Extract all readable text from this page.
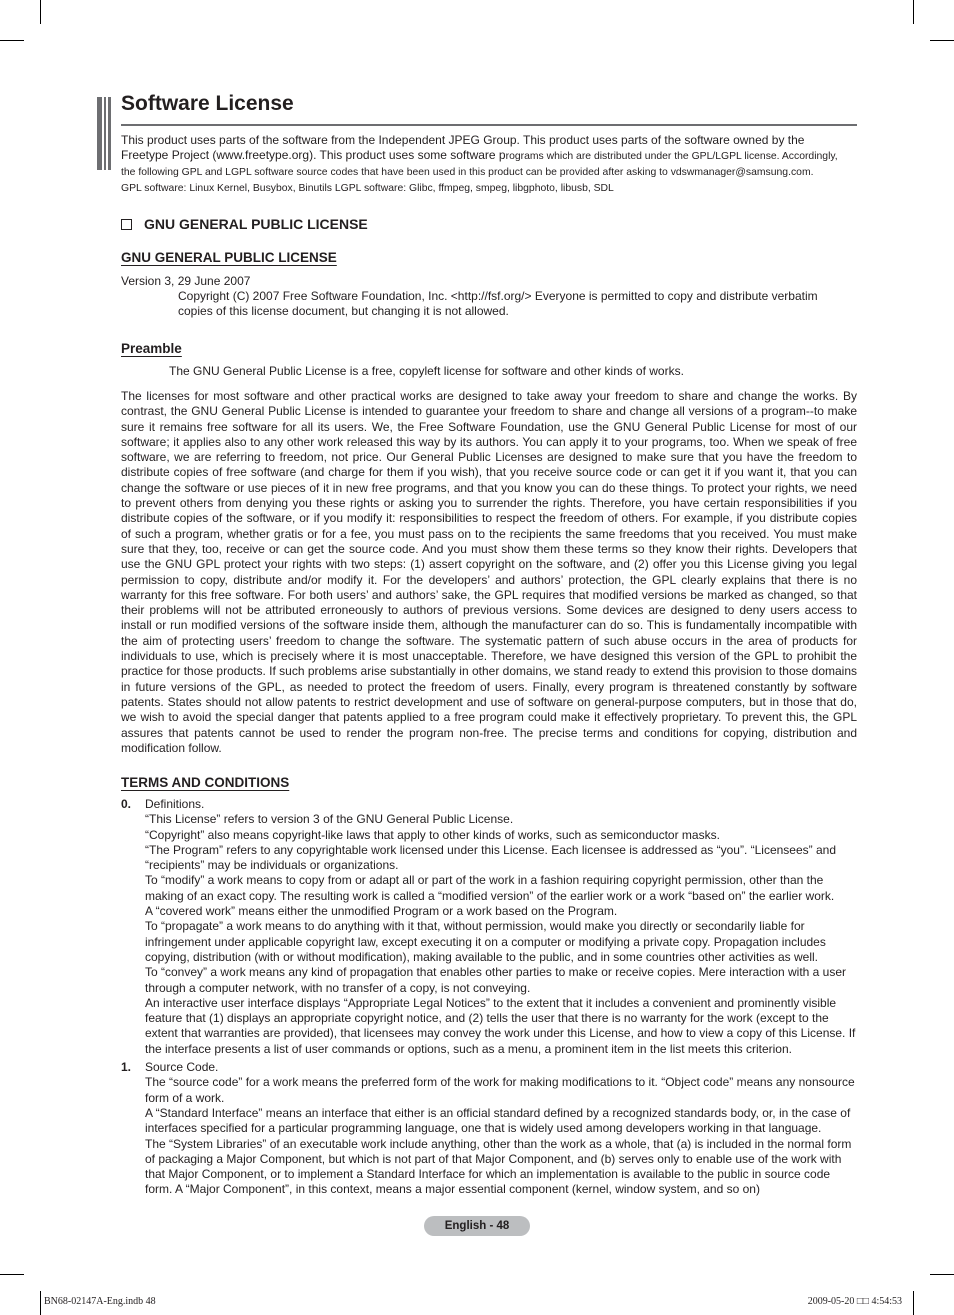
Software License
This product uses parts of the software from the Independent JPEG Group. This product uses parts of the software owned by the
Freetype Project (www.freetype.org). This product uses some software programs which are distributed under the GPL/LGPL license. Accordingly,
the following GPL and LGPL software source codes that have been used in this product can be provided after asking to vdswmanager@samsung.com.
GPL software: Linux Kernel, Busybox, Binutils LGPL software: Glibc, ffmpeg, smpeg, libgphoto, libusb, SDL
GNU GENERAL PUBLIC LICENSE
GNU GENERAL PUBLIC LICENSE
Version 3, 29 June 2007
Copyright (C) 2007 Free Software Foundation, Inc. <http://fsf.org/> Everyone is permitted to copy and distribute verbatim copies of this license document, but changing it is not allowed.
Preamble
The GNU General Public License is a free, copyleft license for software and other kinds of works.
The licenses for most software and other practical works are designed to take away your freedom to share and change the works. By contrast, the GNU General Public License is intended to guarantee your freedom to share and change all versions of a program--to make sure it remains free software for all its users. We, the Free Software Foundation, use the GNU General Public License for most of our software; it applies also to any other work released this way by its authors. You can apply it to your programs, too. When we speak of free software, we are referring to freedom, not price. Our General Public Licenses are designed to make sure that you have the freedom to distribute copies of free software (and charge for them if you wish), that you receive source code or can get it if you want it, that you can change the software or use pieces of it in new free programs, and that you know you can do these things. To protect your rights, we need to prevent others from denying you these rights or asking you to surrender the rights. Therefore, you have certain responsibilities if you distribute copies of the software, or if you modify it: responsibilities to respect the freedom of others. For example, if you distribute copies of such a program, whether gratis or for a fee, you must pass on to the recipients the same freedoms that you received. You must make sure that they, too, receive or can get the source code. And you must show them these terms so they know their rights. Developers that use the GNU GPL protect your rights with two steps: (1) assert copyright on the software, and (2) offer you this License giving you legal permission to copy, distribute and/or modify it. For the developers’ and authors’ protection, the GPL clearly explains that there is no warranty for this free software. For both users’ and authors’ sake, the GPL requires that modified versions be marked as changed, so that their problems will not be attributed erroneously to authors of previous versions. Some devices are designed to deny users access to install or run modified versions of the software inside them, although the manufacturer can do so. This is fundamentally incompatible with the aim of protecting users’ freedom to change the software. The systematic pattern of such abuse occurs in the area of products for individuals to use, which is precisely where it is most unacceptable. Therefore, we have designed this version of the GPL to prohibit the practice for those products. If such problems arise substantially in other domains, we stand ready to extend this provision to those domains in future versions of the GPL, as needed to protect the freedom of users. Finally, every program is threatened constantly by software patents. States should not allow patents to restrict development and use of software on general-purpose computers, but in those that do, we wish to avoid the special danger that patents applied to a free program could make it effectively proprietary. To prevent this, the GPL assures that patents cannot be used to render the program non-free. The precise terms and conditions for copying, distribution and modification follow.
TERMS AND CONDITIONS
0.	Definitions.

“This License” refers to version 3 of the GNU General Public License.

“Copyright” also means copyright-like laws that apply to other kinds of works, such as semiconductor masks.

“The Program” refers to any copyrightable work licensed under this License. Each licensee is addressed as “you”. “Licensees” and “recipients” may be individuals or organizations.

To “modify” a work means to copy from or adapt all or part of the work in a fashion requiring copyright permission, other than the making of an exact copy. The resulting work is called a “modified version” of the earlier work or a work “based on” the earlier work.

A “covered work” means either the unmodified Program or a work based on the Program.

To “propagate” a work means to do anything with it that, without permission, would make you directly or secondarily liable for infringement under applicable copyright law, except executing it on a computer or modifying a private copy. Propagation includes copying, distribution (with or without modification), making available to the public, and in some countries other activities as well.

To “convey” a work means any kind of propagation that enables other parties to make or receive copies. Mere interaction with a user through a computer network, with no transfer of a copy, is not conveying.

An interactive user interface displays “Appropriate Legal Notices” to the extent that it includes a convenient and prominently visible feature that (1) displays an appropriate copyright notice, and (2) tells the user that there is no warranty for the work (except to the extent that warranties are provided), that licensees may convey the work under this License, and how to view a copy of this License. If the interface presents a list of user commands or options, such as a menu, a prominent item in the list meets this criterion.

1.	Source Code.

The “source code” for a work means the preferred form of the work for making modifications to it. “Object code” means any nonsource form of a work.

A “Standard Interface” means an interface that either is an official standard defined by a recognized standards body, or, in the case of interfaces specified for a particular programming language, one that is widely used among developers working in that language.

The “System Libraries” of an executable work include anything, other than the work as a whole, that (a) is included in the normal form of packaging a Major Component, but which is not part of that Major Component, and (b) serves only to enable use of the work with that Major Component, or to implement a Standard Interface for which an implementation is available to the public in source code form. A “Major Component”, in this context, means a major essential component (kernel, window system, and so on)

English - 48
BN68-02147A-Eng.indb 48	2009-05-20 □□ 4:54:53
